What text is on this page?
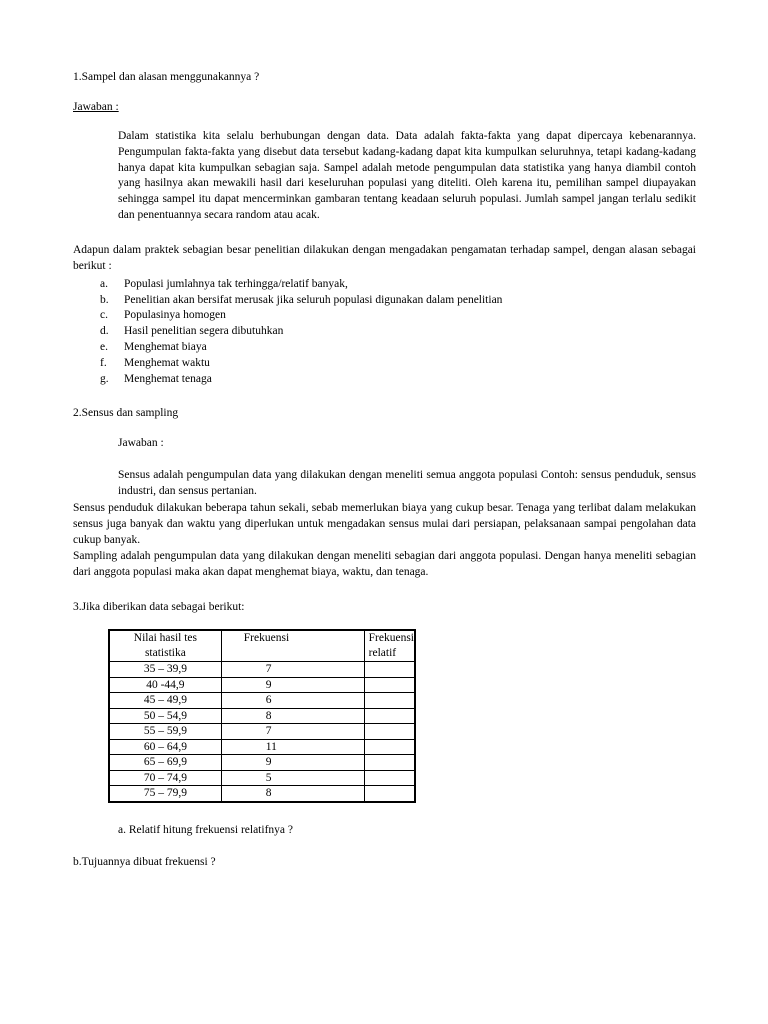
1.Sampel dan alasan menggunakannya ?
Jawaban :
Dalam statistika kita selalu berhubungan dengan data. Data adalah fakta-fakta yang dapat dipercaya kebenarannya. Pengumpulan fakta-fakta yang disebut data tersebut kadang-kadang dapat kita kumpulkan seluruhnya, tetapi kadang-kadang hanya dapat kita kumpulkan sebagian saja. Sampel adalah metode pengumpulan data statistika yang hanya diambil contoh yang hasilnya akan mewakili hasil dari keseluruhan populasi yang diteliti. Oleh karena itu, pemilihan sampel diupayakan sehingga sampel itu dapat mencerminkan gambaran tentang keadaan seluruh populasi. Jumlah sampel jangan terlalu sedikit dan penentuannya secara random atau acak.
Adapun dalam praktek sebagian besar penelitian dilakukan dengan mengadakan pengamatan terhadap sampel, dengan alasan sebagai berikut :
a. Populasi jumlahnya tak terhingga/relatif banyak,
b. Penelitian akan bersifat merusak jika seluruh populasi digunakan dalam penelitian
c. Populasinya homogen
d. Hasil penelitian segera dibutuhkan
e. Menghemat biaya
f. Menghemat waktu
g. Menghemat tenaga
2.Sensus dan sampling
Jawaban :
Sensus adalah pengumpulan data yang dilakukan dengan meneliti semua anggota populasi Contoh: sensus penduduk, sensus industri, dan sensus pertanian.
Sensus penduduk dilakukan beberapa tahun sekali, sebab memerlukan biaya yang cukup besar. Tenaga yang terlibat dalam melakukan sensus juga banyak dan waktu yang diperlukan untuk mengadakan sensus mulai dari persiapan, pelaksanaan sampai pengolahan data cukup banyak.
Sampling adalah pengumpulan data yang dilakukan dengan meneliti sebagian dari anggota populasi. Dengan hanya meneliti sebagian dari anggota populasi maka akan dapat menghemat biaya, waktu, dan tenaga.
3.Jika diberikan data sebagai berikut:
Nilai hasil tes statistika	Frekuensi	Frekuensi relatif
35 – 39,9	7	
40 -44,9	9	
45 – 49,9	6	
50 – 54,9	8	
55 – 59,9	7	
60 – 64,9	11	
65 – 69,9	9	
70 – 74,9	5	
75 – 79,9	8	
a. Relatif hitung frekuensi relatifnya ?
b.Tujuannya dibuat frekuensi ?
